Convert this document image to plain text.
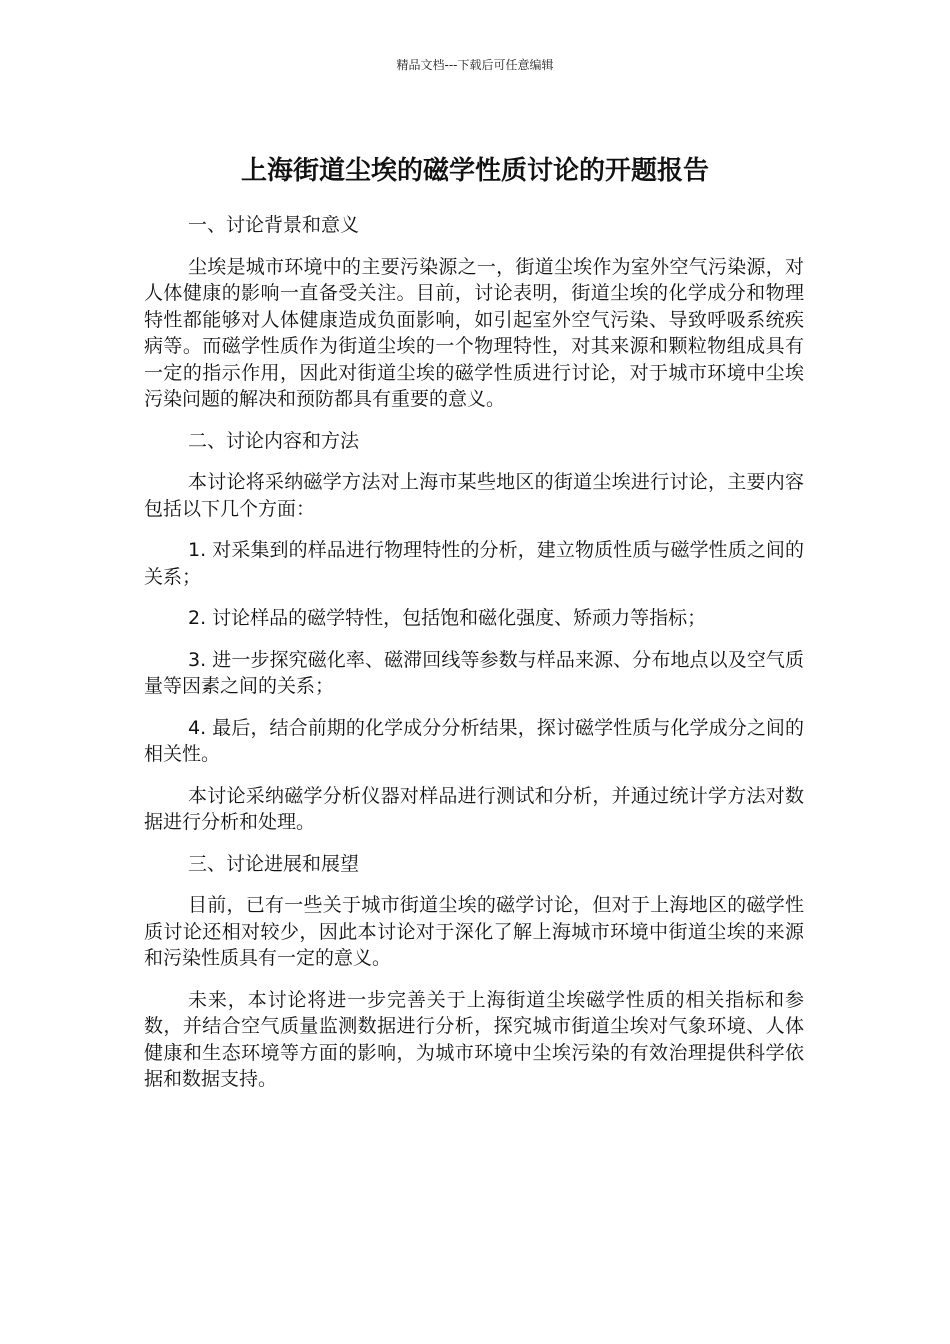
精品文档---下载后可任意编辑
上海街道尘埃的磁学性质讨论的开题报告
一、讨论背景和意义

尘埃是城市环境中的主要污染源之一，街道尘埃作为室外空气污染源，对人体健康的影响一直备受关注。目前，讨论表明，街道尘埃的化学成分和物理特性都能够对人体健康造成负面影响，如引起室外空气污染、导致呼吸系统疾病等。而磁学性质作为街道尘埃的一个物理特性，对其来源和颗粒物组成具有一定的指示作用，因此对街道尘埃的磁学性质进行讨论，对于城市环境中尘埃污染问题的解决和预防都具有重要的意义。

二、讨论内容和方法

本讨论将采纳磁学方法对上海市某些地区的街道尘埃进行讨论，主要内容包括以下几个方面：

1. 对采集到的样品进行物理特性的分析，建立物质性质与磁学性质之间的关系；

2. 讨论样品的磁学特性，包括饱和磁化强度、矫顽力等指标；

3. 进一步探究磁化率、磁滞回线等参数与样品来源、分布地点以及空气质量等因素之间的关系；

4. 最后，结合前期的化学成分分析结果，探讨磁学性质与化学成分之间的相关性。

本讨论采纳磁学分析仪器对样品进行测试和分析，并通过统计学方法对数据进行分析和处理。

三、讨论进展和展望

目前，已有一些关于城市街道尘埃的磁学讨论，但对于上海地区的磁学性质讨论还相对较少，因此本讨论对于深化了解上海城市环境中街道尘埃的来源和污染性质具有一定的意义。

未来，本讨论将进一步完善关于上海街道尘埃磁学性质的相关指标和参数，并结合空气质量监测数据进行分析，探究城市街道尘埃对气象环境、人体健康和生态环境等方面的影响，为城市环境中尘埃污染的有效治理提供科学依据和数据支持。
